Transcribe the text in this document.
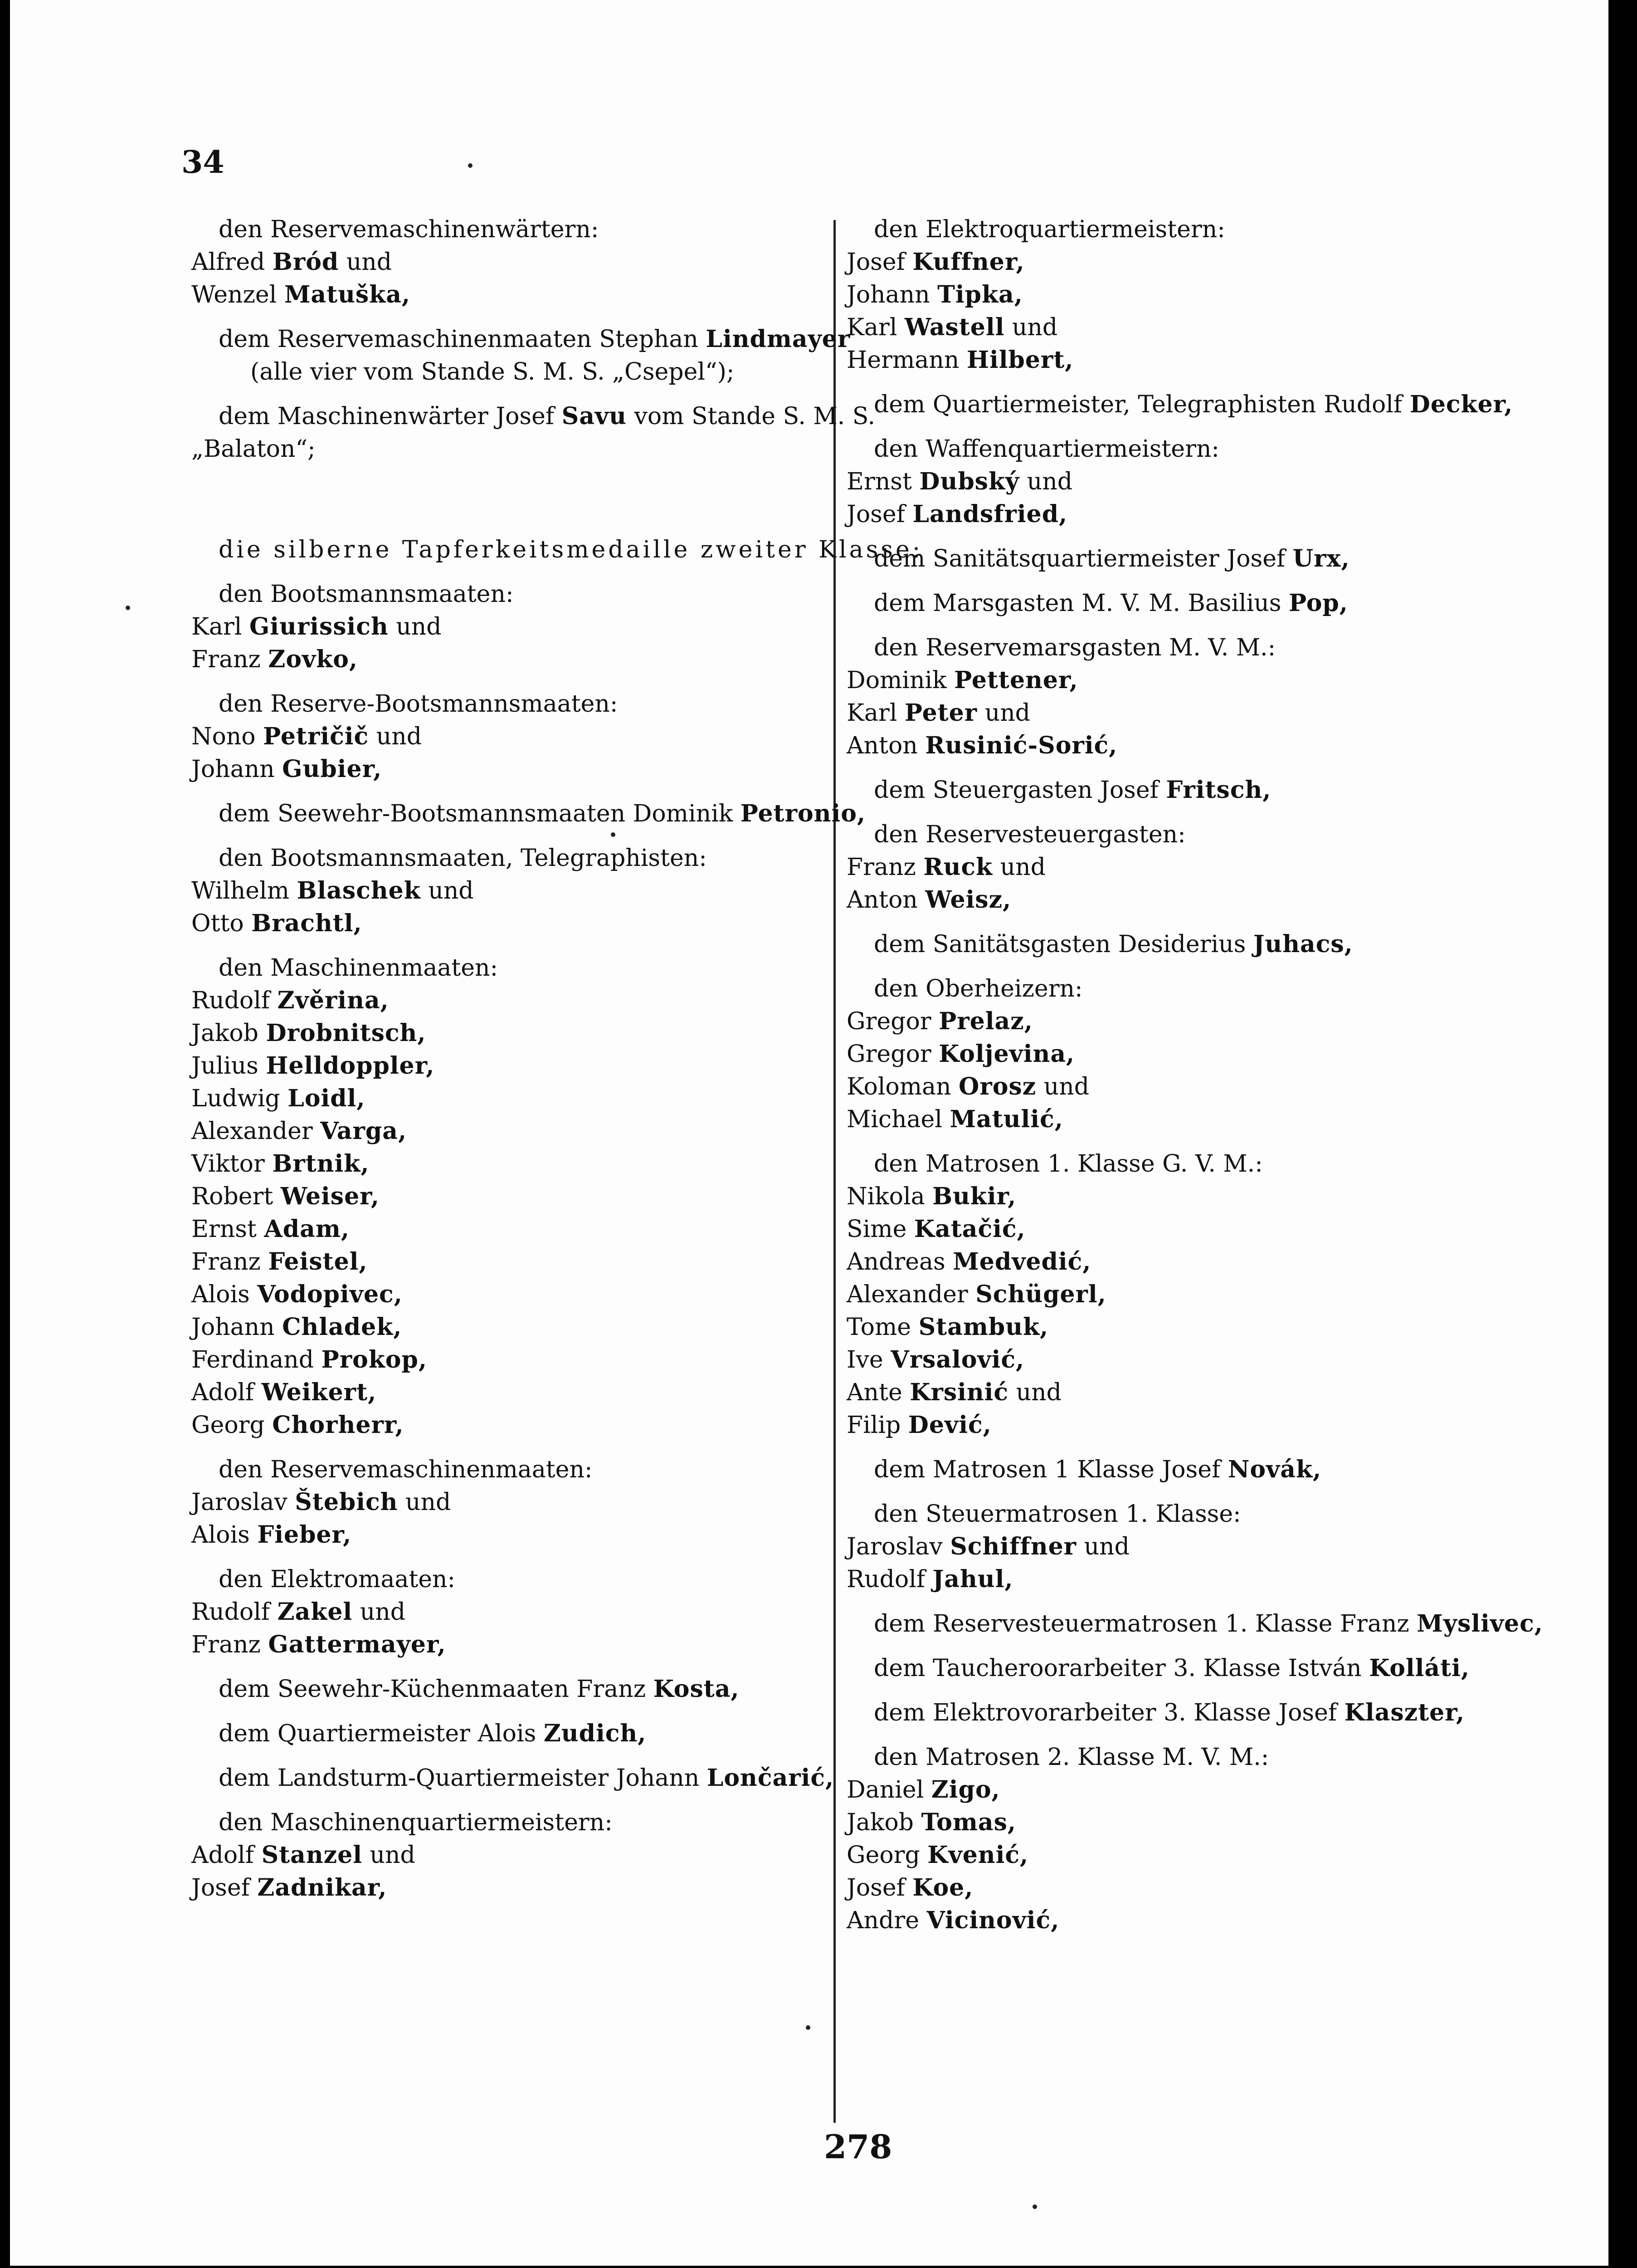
34
den Reservemaschinenwärtern:
Alfred Bród und
Wenzel Matuška,
dem Reservemaschinenmaaten Stephan Lindmayer
(alle vier vom Stande S. M. S. „Csepel“);
dem Maschinenwärter Josef Savu vom Stande S. M. S.
„Balaton“;
die silberne Tapferkeitsmedaille zweiter Klasse:
den Bootsmannsmaaten:
Karl Giurissich und
Franz Zovko,
den Reserve-Bootsmannsmaaten:
Nono Petričič und
Johann Gubier,
dem Seewehr-Bootsmannsmaaten Dominik Petronio,
den Bootsmannsmaaten, Telegraphisten:
Wilhelm Blaschek und
Otto Brachtl,
den Maschinenmaaten:
Rudolf Zvěrina,
Jakob Drobnitsch,
Julius Helldoppler,
Ludwig Loidl,
Alexander Varga,
Viktor Brtnik,
Robert Weiser,
Ernst Adam,
Franz Feistel,
Alois Vodopivec,
Johann Chladek,
Ferdinand Prokop,
Adolf Weikert,
Georg Chorherr,
den Reservemaschinenmaaten:
Jaroslav Štebich und
Alois Fieber,
den Elektromaaten:
Rudolf Zakel und
Franz Gattermayer,
dem Seewehr-Küchenmaaten Franz Kosta,
dem Quartiermeister Alois Zudich,
dem Landsturm-Quartiermeister Johann Lončarić,
den Maschinenquartiermeistern:
Adolf Stanzel und
Josef Zadnikar,
den Elektroquartiermeistern:
Josef Kuffner,
Johann Tipka,
Karl Wastell und
Hermann Hilbert,
dem Quartiermeister, Telegraphisten Rudolf Decker,
den Waffenquartiermeistern:
Ernst Dubský und
Josef Landsfried,
dem Sanitätsquartiermeister Josef Urx,
dem Marsgasten M. V. M. Basilius Pop,
den Reservemarsgasten M. V. M.:
Dominik Pettener,
Karl Peter und
Anton Rusinić-Sorić,
dem Steuergasten Josef Fritsch,
den Reservesteuergasten:
Franz Ruck und
Anton Weisz,
dem Sanitätsgasten Desiderius Juhacs,
den Oberheizern:
Gregor Prelaz,
Gregor Koljevina,
Koloman Orosz und
Michael Matulić,
den Matrosen 1. Klasse G. V. M.:
Nikola Bukir,
Sime Katačić,
Andreas Medvedić,
Alexander Schügerl,
Tome Stambuk,
Ive Vrsalović,
Ante Krsinić und
Filip Dević,
dem Matrosen 1 Klasse Josef Novák,
den Steuermatrosen 1. Klasse:
Jaroslav Schiffner und
Rudolf Jahul,
dem Reservesteuermatrosen 1. Klasse Franz Myslivec,
dem Taucheroorarbeiter 3. Klasse István Kolláti,
dem Elektrovorarbeiter 3. Klasse Josef Klaszter,
den Matrosen 2. Klasse M. V. M.:
Daniel Zigo,
Jakob Tomas,
Georg Kvenić,
Josef Koe,
Andre Vicinović,
278
